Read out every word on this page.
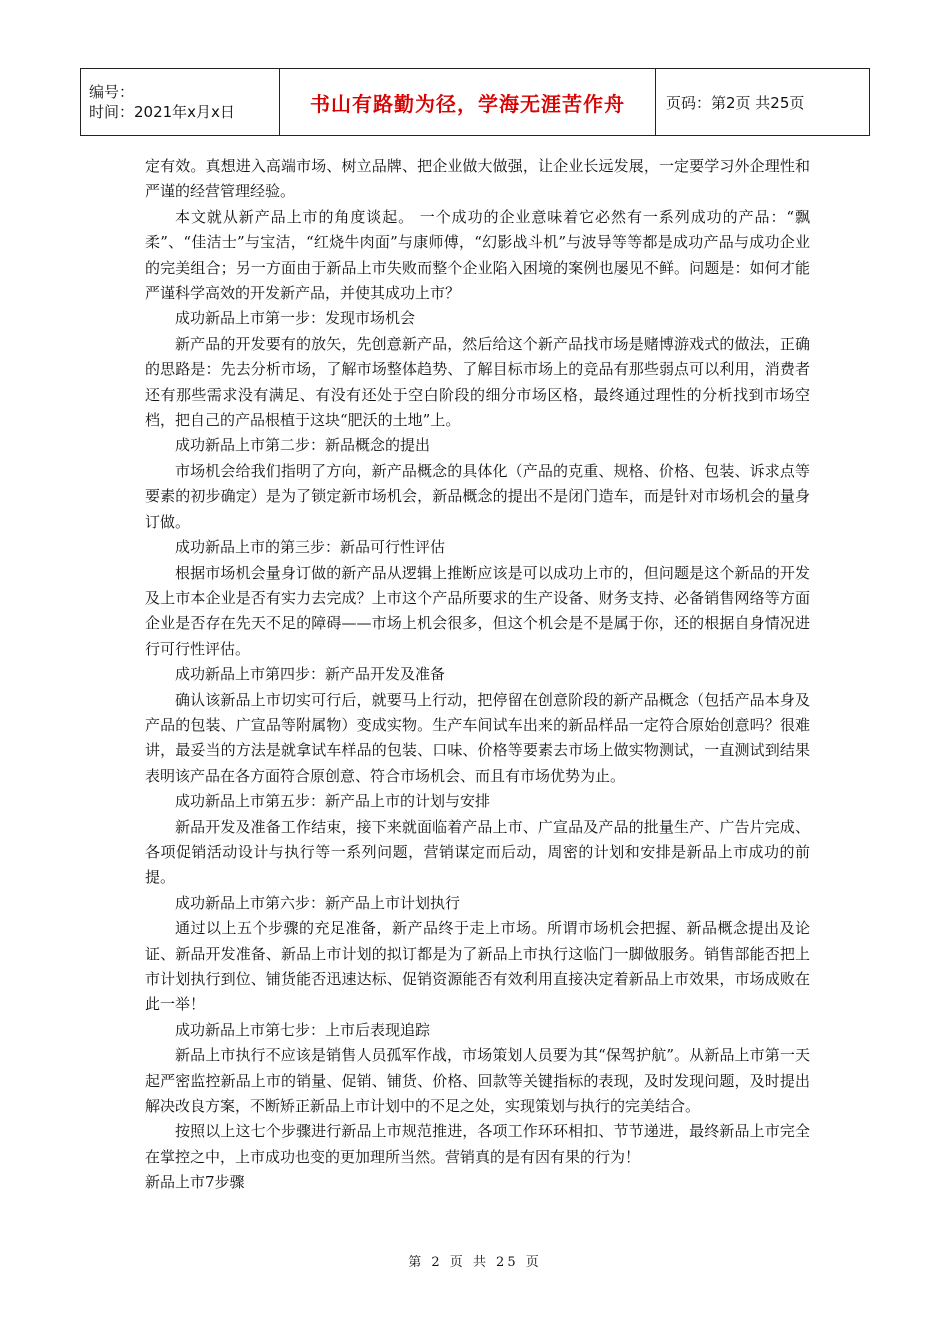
编号：
时间：2021年x月x日	书山有路勤为径，学海无涯苦作舟	页码：第2页 共25页

定有效。真想进入高端市场、树立品牌、把企业做大做强，让企业长远发展，一定要学习外企理性和严谨的经营管理经验。

本文就从新产品上市的角度谈起。 一个成功的企业意味着它必然有一系列成功的产品：“飘柔”、“佳洁士”与宝洁，“红烧牛肉面”与康师傅，“幻影战斗机”与波导等等都是成功产品与成功企业的完美组合；另一方面由于新品上市失败而整个企业陷入困境的案例也屡见不鲜。问题是：如何才能严谨科学高效的开发新产品，并使其成功上市？

成功新品上市第一步：发现市场机会

新产品的开发要有的放矢，先创意新产品，然后给这个新产品找市场是赌博游戏式的做法，正确的思路是：先去分析市场，了解市场整体趋势、了解目标市场上的竞品有那些弱点可以利用，消费者还有那些需求没有满足、有没有还处于空白阶段的细分市场区格，最终通过理性的分析找到市场空档，把自己的产品根植于这块“肥沃的土地”上。

成功新品上市第二步：新品概念的提出

市场机会给我们指明了方向，新产品概念的具体化（产品的克重、规格、价格、包装、诉求点等要素的初步确定）是为了锁定新市场机会，新品概念的提出不是闭门造车，而是针对市场机会的量身订做。

成功新品上市的第三步：新品可行性评估

根据市场机会量身订做的新产品从逻辑上推断应该是可以成功上市的，但问题是这个新品的开发及上市本企业是否有实力去完成？上市这个产品所要求的生产设备、财务支持、必备销售网络等方面企业是否存在先天不足的障碍——市场上机会很多，但这个机会是不是属于你，还的根据自身情况进行可行性评估。

成功新品上市第四步：新产品开发及准备

确认该新品上市切实可行后，就要马上行动，把停留在创意阶段的新产品概念（包括产品本身及产品的包装、广宣品等附属物）变成实物。生产车间试车出来的新品样品一定符合原始创意吗？很难讲，最妥当的方法是就拿试车样品的包装、口味、价格等要素去市场上做实物测试，一直测试到结果表明该产品在各方面符合原创意、符合市场机会、而且有市场优势为止。

成功新品上市第五步：新产品上市的计划与安排

新品开发及准备工作结束，接下来就面临着产品上市、广宣品及产品的批量生产、广告片完成、各项促销活动设计与执行等一系列问题，营销谋定而后动，周密的计划和安排是新品上市成功的前提。

成功新品上市第六步：新产品上市计划执行

通过以上五个步骤的充足准备，新产品终于走上市场。所谓市场机会把握、新品概念提出及论证、新品开发准备、新品上市计划的拟订都是为了新品上市执行这临门一脚做服务。销售部能否把上市计划执行到位、铺货能否迅速达标、促销资源能否有效利用直接决定着新品上市效果，市场成败在此一举！

成功新品上市第七步：上市后表现追踪

新品上市执行不应该是销售人员孤军作战，市场策划人员要为其“保驾护航”。从新品上市第一天起严密监控新品上市的销量、促销、铺货、价格、回款等关键指标的表现，及时发现问题，及时提出解决改良方案，不断矫正新品上市计划中的不足之处，实现策划与执行的完美结合。

按照以上这七个步骤进行新品上市规范推进，各项工作环环相扣、节节递进，最终新品上市完全在掌控之中，上市成功也变的更加理所当然。营销真的是有因有果的行为！

新品上市7步骤

第 2 页 共 25 页
